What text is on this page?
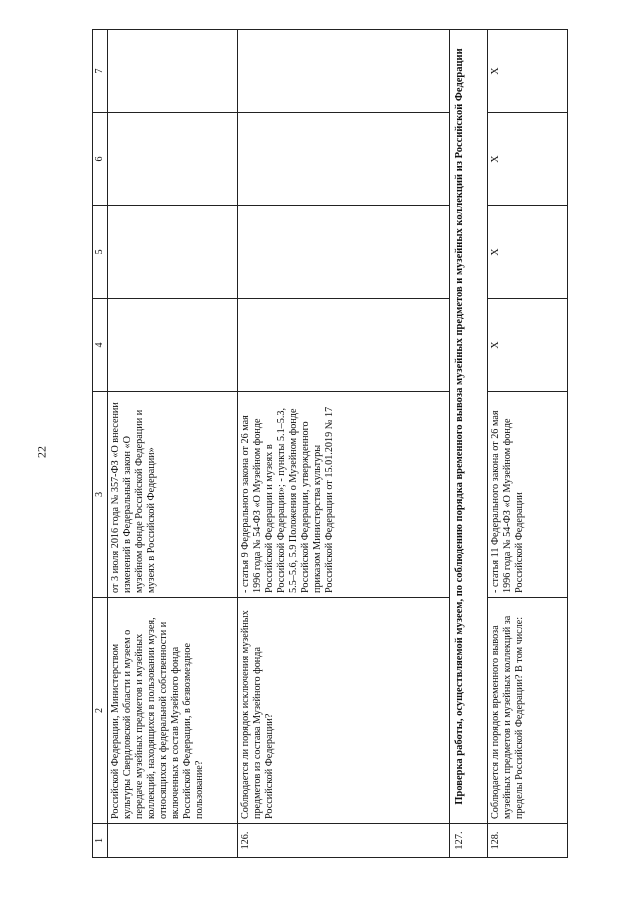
22
1	2	3	4	5	6	7
	Российской Федерации, Министерством культуры Свердловской области и музеем о передаче музейных предметов и музейных коллекций, находящихся в пользовании музея, относящихся к федеральной собственности и включенных в состав Музейного фонда Российской Федерации, в безвозмездное пользование?	от 3 июля 2016 года № 357-ФЗ «О внесении изменений в Федеральный закон «О музейном фонде Российской Федерации и музеях в Российской Федерации»				
126.	Соблюдается ли порядок исключения музейных предметов из состава Музейного фонда Российской Федерации?	- статья 9 Федерального закона от 26 мая 1996 года № 54-ФЗ «О Музейном фонде Российской Федерации и музеях в Российской Федерации»; - пункты 5.1–5.3, 5.5–5.6, 5.9 Положения о Музейном фонде Российской Федерации, утвержденного приказом Министерства культуры Российской Федерации от 15.01.2019 № 17				
127.	Проверка работы, осуществляемой музеем, по соблюдению порядка временного вывоза музейных предметов и музейных коллекций из Российской Федерации					
128.	Соблюдается ли порядок временного вывоза музейных предметов и музейных коллекций за пределы Российской Федерации? В том числе:	- статья 11 Федерального закона от 26 мая 1996 года № 54-ФЗ «О Музейном фонде Российской Федерации	X	X	X	X
